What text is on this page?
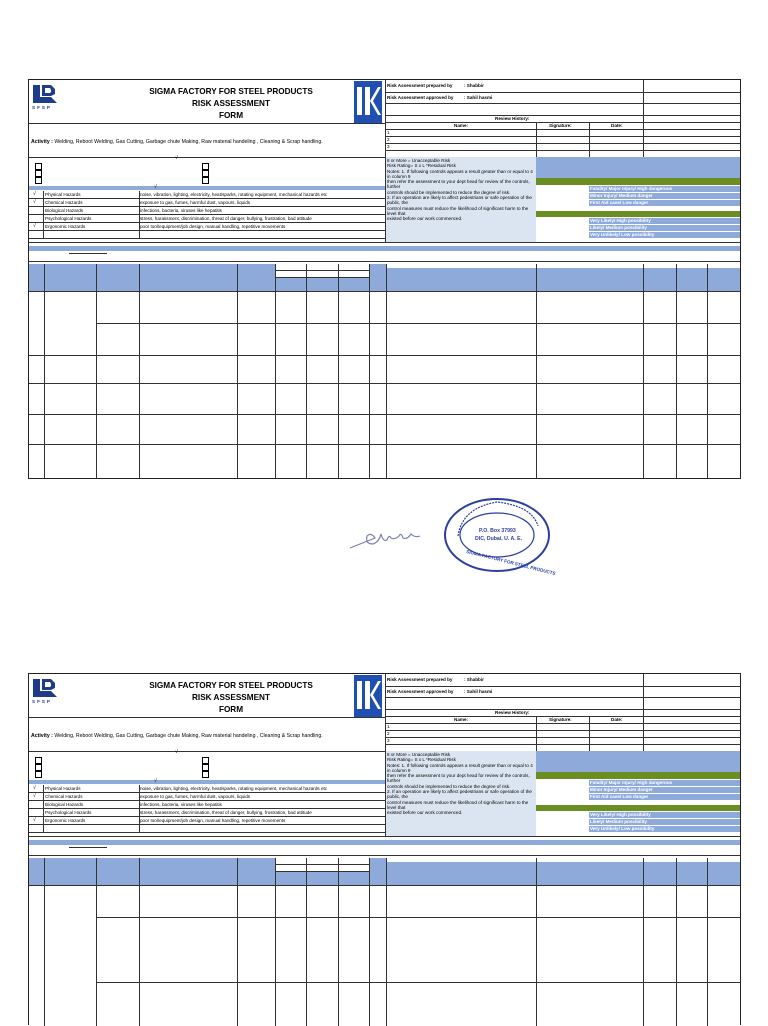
SFSP
SIGMA FACTORY FOR STEEL PRODUCTS
RISK ASSESSMENT
FORM
Risk Assessment prepared by	: Shabbir
Risk Assessment approved by : Sahil hasmi
Review History:
Name:	Signature:	Date:
1
2
3
Activity : Welding, Reboot Welding, Gas Cutting, Garbage chute Making, Raw material handeling , Cleaning & Scrap handling.
√
√
√ Physical Hazards	noise, vibration, lighting, electricity, heat/sparks, rotating equipment, mechanical hazards etc
√ Chemical Hazards	exposure to gas, fumes, harmful dust, vapours, liquids
Biological Hazards	infections, bacteria, viruses like hepatitis
Psychological Hazards	stress, harassment, discrimination, threat of danger, bullying, frustration, bad attitude
√ Ergonomic Hazards	poor tool/equipment/job design, manual handling, repetitive movements
8 or More = Unacceptable Risk
Risk Rating= S x L *Residual Risk
Notes: 1. If following controls appears a result greater than or equal to 4 in column 9
then refer the assessment to your dept head for review of the controls, further
controls should be implemented to reduce the degree of risk.
2. If an operation are likely to affect pedestrians or safe operation of the public, the
control measures must reduce the likelihood of significant harm to the level that
existed before our work commenced.
Fatality/ Major Injury/ High dangerous
Minor Injury/ Medium danger
First Aid case/ Low danger
Very Likely/ High possibility
Likely/ Medium possibility
Very Unlikely/ Low possibility
P.O. Box 37993
DIC, Dubai, U. A. E.
SIGMA FACTORY FOR STEEL PRODUCTS
SFSP
SIGMA FACTORY FOR STEEL PRODUCTS
RISK ASSESSMENT
FORM
Risk Assessment prepared by	: Shabbir
Risk Assessment approved by : Sahil hasmi
Review History:
Name:	Signature:	Date:
1
2
3
Activity : Welding, Reboot Welding, Gas Cutting, Garbage chute Making, Raw material handeling , Cleaning & Scrap handling.
√
√
√ Physical Hazards	noise, vibration, lighting, electricity, heat/sparks, rotating equipment, mechanical hazards etc
√ Chemical Hazards	exposure to gas, fumes, harmful dust, vapours, liquids
Biological Hazards	infections, bacteria, viruses like hepatitis
Psychological Hazards	stress, harassment, discrimination, threat of danger, bullying, frustration, bad attitude
√ Ergonomic Hazards	poor tool/equipment/job design, manual handling, repetitive movements
8 or More = Unacceptable Risk
Risk Rating= S x L *Residual Risk
Notes: 1. If following controls appears a result greater than or equal to 4 in column 9
then refer the assessment to your dept head for review of the controls, further
controls should be implemented to reduce the degree of risk.
2. If an operation are likely to affect pedestrians or safe operation of the public, the
control measures must reduce the likelihood of significant harm to the level that
existed before our work commenced.
Fatality/ Major Injury/ High dangerous
Minor Injury/ Medium danger
First Aid case/ Low danger
Very Likely/ High possibility
Likely/ Medium possibility
Very Unlikely/ Low possibility
